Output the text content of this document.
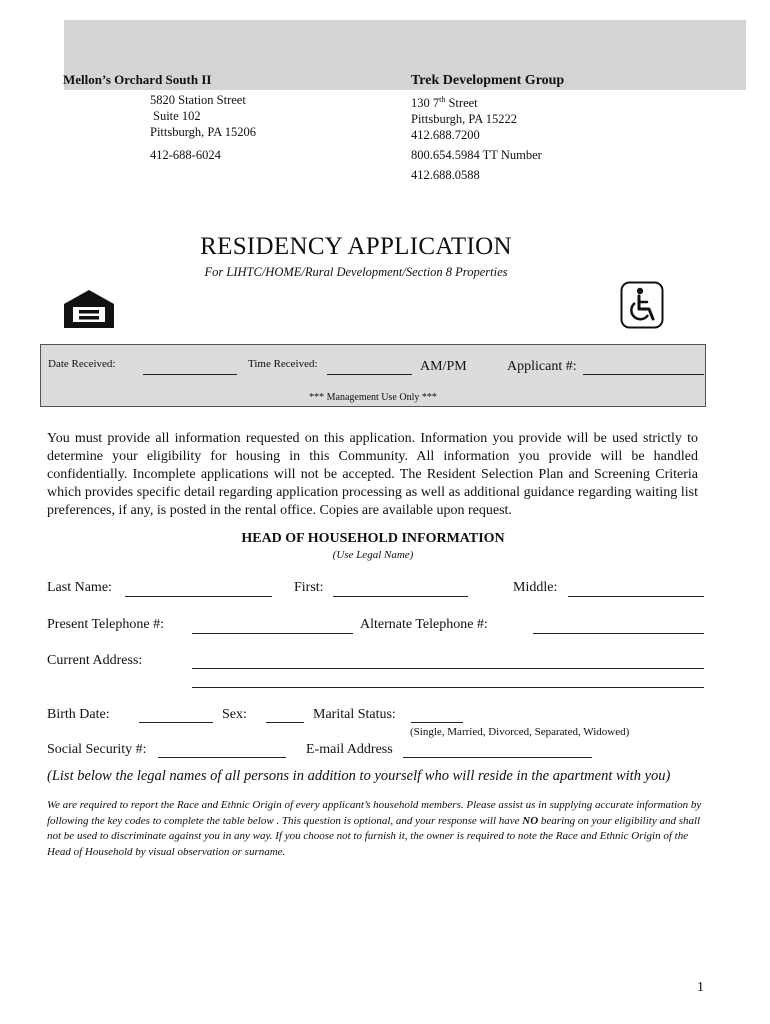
Mellon’s Orchard South II
5820 Station Street
Suite 102
Pittsburgh, PA 15206
412-688-6024
Trek Development Group
130 7th Street
Pittsburgh, PA 15222
412.688.7200
800.654.5984 TT Number
412.688.0588
RESIDENCY APPLICATION
For LIHTC/HOME/Rural Development/Section 8 Properties
Date Received:	Time Received:	AM/PM	Applicant #:
*** Management Use Only ***
You must provide all information requested on this application. Information you provide will be used strictly to determine your eligibility for housing in this Community. All information you provide will be handled confidentially. Incomplete applications will not be accepted. The Resident Selection Plan and Screening Criteria which provides specific detail regarding application processing as well as additional guidance regarding waiting list preferences, if any, is posted in the rental office. Copies are available upon request.
HEAD OF HOUSEHOLD INFORMATION
(Use Legal Name)
Last Name:	First:	Middle:
Present Telephone #:	Alternate Telephone #:
Current Address:
Birth Date:	Sex:	Marital Status:
(Single, Married, Divorced, Separated, Widowed)
Social Security #:	E-mail Address
(List below the legal names of all persons in addition to yourself who will reside in the apartment with you)
We are required to report the Race and Ethnic Origin of every applicant’s household members. Please assist us in supplying accurate information by following the key codes to complete the table below . This question is optional, and your response will have NO bearing on your eligibility and shall not be used to discriminate against you in any way. If you choose not to furnish it, the owner is required to note the Race and Ethnic Origin of the Head of Household by visual observation or surname.
1
